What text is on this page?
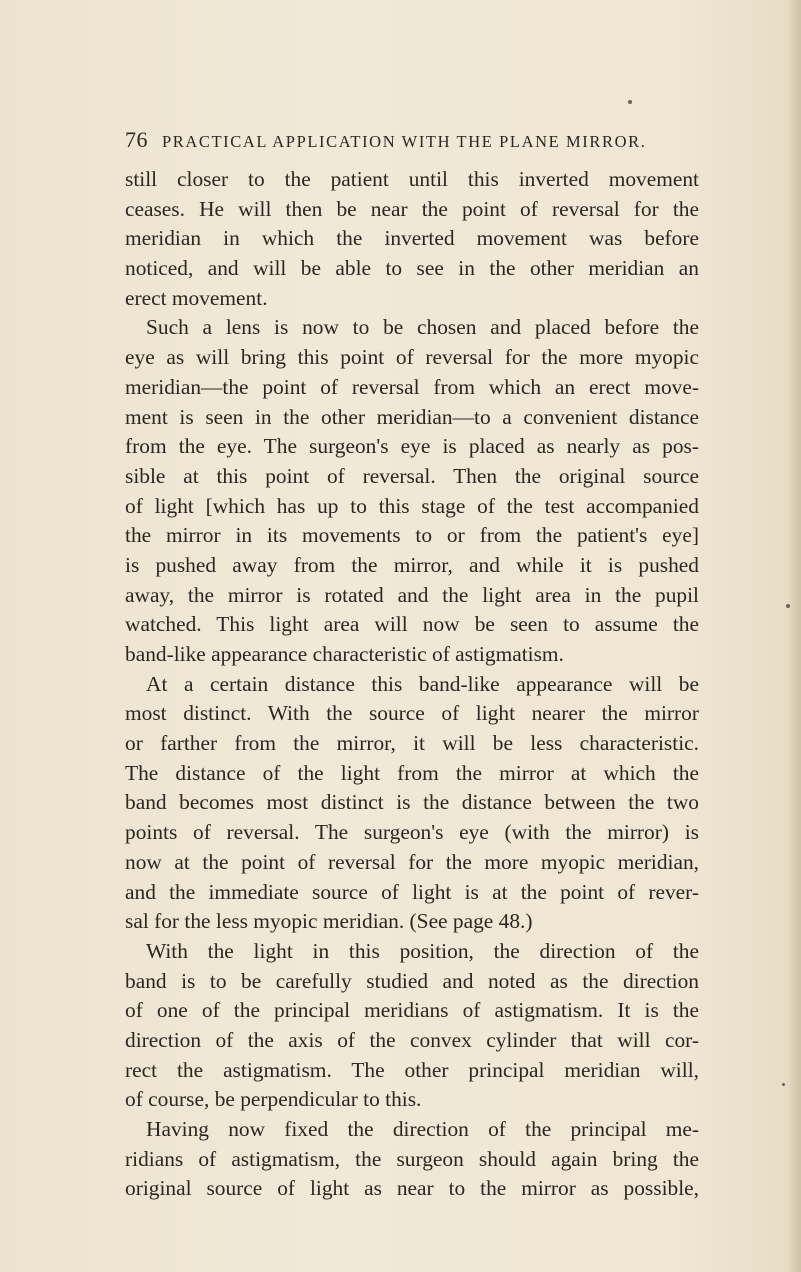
76 PRACTICAL APPLICATION WITH THE PLANE MIRROR.
still closer to the patient until this inverted movement
ceases. He will then be near the point of reversal for the
meridian in which the inverted movement was before
noticed, and will be able to see in the other meridian an
erect movement.
Such a lens is now to be chosen and placed before the
eye as will bring this point of reversal for the more myopic
meridian—the point of reversal from which an erect move-
ment is seen in the other meridian—to a convenient distance
from the eye. The surgeon's eye is placed as nearly as pos-
sible at this point of reversal. Then the original source
of light [which has up to this stage of the test accompanied
the mirror in its movements to or from the patient's eye]
is pushed away from the mirror, and while it is pushed
away, the mirror is rotated and the light area in the pupil
watched. This light area will now be seen to assume the
band-like appearance characteristic of astigmatism.
At a certain distance this band-like appearance will be
most distinct. With the source of light nearer the mirror
or farther from the mirror, it will be less characteristic.
The distance of the light from the mirror at which the
band becomes most distinct is the distance between the two
points of reversal. The surgeon's eye (with the mirror) is
now at the point of reversal for the more myopic meridian,
and the immediate source of light is at the point of rever-
sal for the less myopic meridian. (See page 48.)
With the light in this position, the direction of the
band is to be carefully studied and noted as the direction
of one of the principal meridians of astigmatism. It is the
direction of the axis of the convex cylinder that will cor-
rect the astigmatism. The other principal meridian will,
of course, be perpendicular to this.
Having now fixed the direction of the principal me-
ridians of astigmatism, the surgeon should again bring the
original source of light as near to the mirror as possible,
